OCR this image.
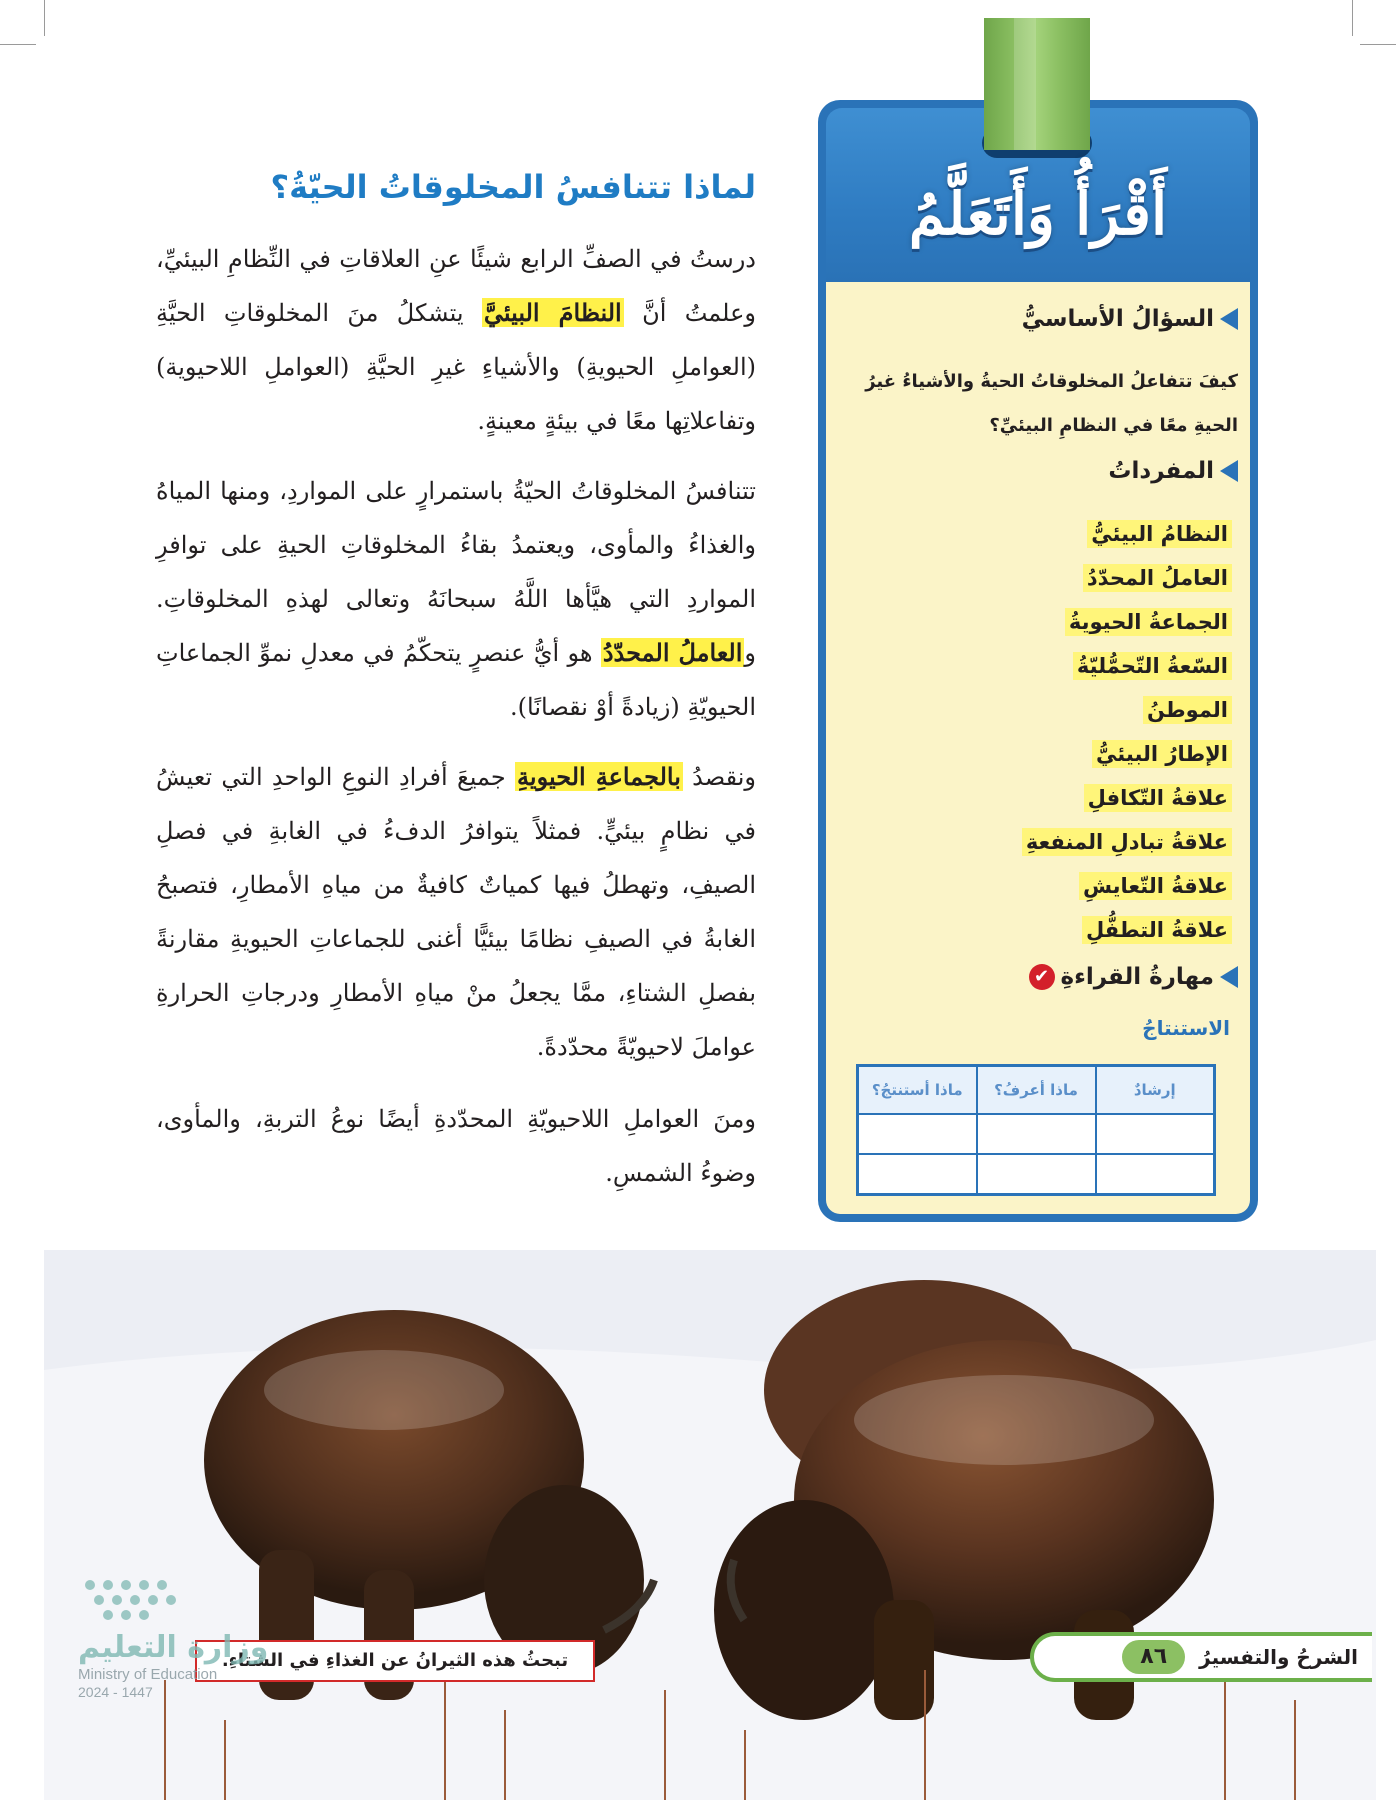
أَقْرَأُ وَأَتَعَلَّمُ
السؤالُ الأساسيُّ
كيفَ تتفاعلُ المخلوقاتُ الحيةُ والأشياءُ غيرُ الحيةِ معًا في النظامِ البيئيِّ؟
المفرداتُ
النظامُ البيئيُّ
العاملُ المحدّدُ
الجماعةُ الحيويةُ
السّعةُ التّحمُّليّةُ
الموطنُ
الإطارُ البيئيُّ
علاقةُ التّكافلِ
علاقةُ تبادلِ المنفعةِ
علاقةُ التّعايشِ
علاقةُ التطفُّلِ
مهارةُ القراءةِ
✔
الاستنتاجُ
إرشادٌ	ماذا أعرفُ؟	ماذا أستنتجُ؟

لماذا تتنافسُ المخلوقاتُ الحيّةُ؟

درستُ في الصفِّ الرابع شيئًا عنِ العلاقاتِ في النِّظامِ البيئيِّ، وعلمتُ أنَّ النظامَ البيئيَّ يتشكلُ منَ المخلوقاتِ الحيَّةِ (العواملِ الحيويةِ) والأشياءِ غيرِ الحيَّةِ (العواملِ اللاحيوية) وتفاعلاتِها معًا في بيئةٍ معينةٍ.

تتنافسُ المخلوقاتُ الحيّةُ باستمرارٍ على المواردِ، ومنها المياهُ والغذاءُ والمأوى، ويعتمدُ بقاءُ المخلوقاتِ الحيةِ على توافرِ المواردِ التي هيَّأها اللَّهُ سبحانَهُ وتعالى لهذهِ المخلوقاتِ. والعاملُ المحدّدُ هو أيُّ عنصرٍ يتحكّمُ في معدلِ نموِّ الجماعاتِ الحيويّةِ (زيادةً أوْ نقصانًا).

ونقصدُ بالجماعةِ الحيويةِ جميعَ أفرادِ النوعِ الواحدِ التي تعيشُ في نظامٍ بيئيٍّ. فمثلاً يتوافرُ الدفءُ في الغابةِ في فصلِ الصيفِ، وتهطلُ فيها كمياتٌ كافيةٌ من مياهِ الأمطارِ، فتصبحُ الغابةُ في الصيفِ نظامًا بيئيًّا أغنى للجماعاتِ الحيويةِ مقارنةً بفصلِ الشتاءِ، ممَّا يجعلُ منْ مياهِ الأمطارِ ودرجاتِ الحرارةِ عواملَ لاحيويّةً محدّدةً.

ومنَ العواملِ اللاحيويّةِ المحدّدةِ أيضًا نوعُ التربةِ، والمأوى، وضوءُ الشمسِ.

تبحثُ هذه الثيرانُ عن الغذاءِ في الشتاءِ.	الشرحُ والتفسيرُ
٨٦
وزارة التعليم
Ministry of Education
2024 - 1447
